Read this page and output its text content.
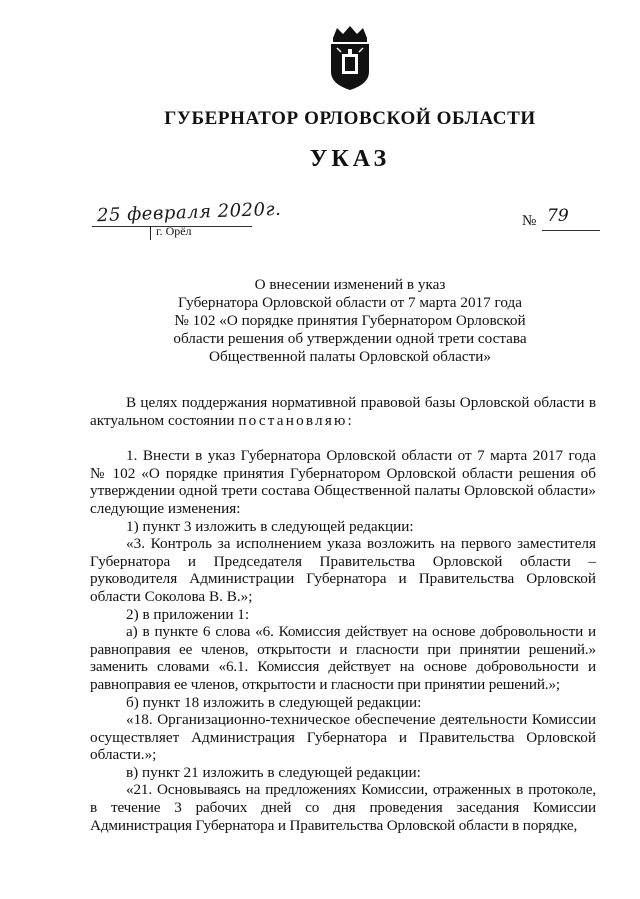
ГУБЕРНАТОР ОРЛОВСКОЙ ОБЛАСТИ
УКАЗ
25 февраля 2020г.
г. Орёл
№ 79
О внесении изменений в указ
Губернатора Орловской области от 7 марта 2017 года
№ 102 «О порядке принятия Губернатором Орловской
области решения об утверждении одной трети состава
Общественной палаты Орловской области»

В целях поддержания нормативной правовой базы Орловской области в актуальном состоянии постановляю:

1. Внести в указ Губернатора Орловской области от 7 марта 2017 года № 102 «О порядке принятия Губернатором Орловской области решения об утверждении одной трети состава Общественной палаты Орловской области» следующие изменения:

1) пункт 3 изложить в следующей редакции:

«3. Контроль за исполнением указа возложить на первого заместителя Губернатора и Председателя Правительства Орловской области – руководителя Администрации Губернатора и Правительства Орловской области Соколова В. В.»;

2) в приложении 1:

а) в пункте 6 слова «6. Комиссия действует на основе добровольности и равноправия ее членов, открытости и гласности при принятии решений.» заменить словами «6.1. Комиссия действует на основе добровольности и равноправия ее членов, открытости и гласности при принятии решений.»;

б) пункт 18 изложить в следующей редакции:

«18. Организационно-техническое обеспечение деятельности Комиссии осуществляет Администрация Губернатора и Правительства Орловской области.»;

в) пункт 21 изложить в следующей редакции:

«21. Основываясь на предложениях Комиссии, отраженных в протоколе, в течение 3 рабочих дней со дня проведения заседания Комиссии Администрация Губернатора и Правительства Орловской области в порядке,
